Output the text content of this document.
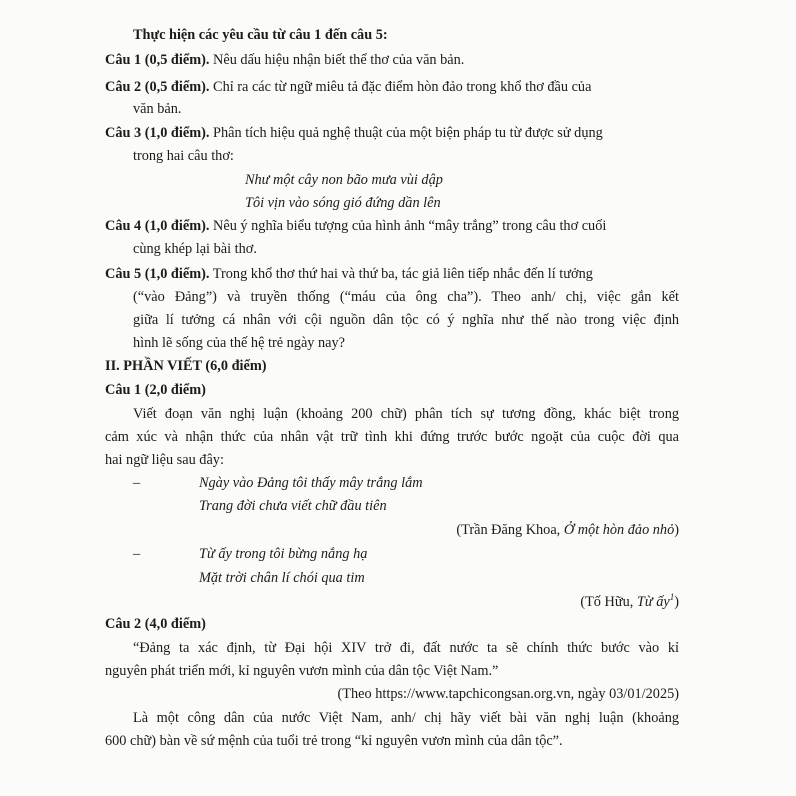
Thực hiện các yêu cầu từ câu 1 đến câu 5:
Câu 1 (0,5 điểm). Nêu dấu hiệu nhận biết thể thơ của văn bản.
Câu 2 (0,5 điểm). Chỉ ra các từ ngữ miêu tả đặc điểm hòn đảo trong khổ thơ đầu của
văn bản.
Câu 3 (1,0 điểm). Phân tích hiệu quả nghệ thuật của một biện pháp tu từ được sử dụng
trong hai câu thơ:
Như một cây non bão mưa vùi dập
Tôi vịn vào sóng gió đứng dần lên
Câu 4 (1,0 điểm). Nêu ý nghĩa biểu tượng của hình ảnh “mây trắng” trong câu thơ cuối
cùng khép lại bài thơ.
Câu 5 (1,0 điểm). Trong khổ thơ thứ hai và thứ ba, tác giả liên tiếp nhắc đến lí tưởng
(“vào Đảng”) và truyền thống (“máu của ông cha”). Theo anh/ chị, việc gắn kết
giữa lí tưởng cá nhân với cội nguồn dân tộc có ý nghĩa như thế nào trong việc định
hình lẽ sống của thế hệ trẻ ngày nay?
II. PHẦN VIẾT (6,0 điểm)
Câu 1 (2,0 điểm)
Viết đoạn văn nghị luận (khoảng 200 chữ) phân tích sự tương đồng, khác biệt trong
cảm xúc và nhận thức của nhân vật trữ tình khi đứng trước bước ngoặt của cuộc đời qua
hai ngữ liệu sau đây:
–	Ngày vào Đảng tôi thấy mây trắng lắm
Trang đời chưa viết chữ đầu tiên
(Trần Đăng Khoa, Ở một hòn đảo nhỏ)
–	Từ ấy trong tôi bừng nắng hạ
Mặt trời chân lí chói qua tim
(Tố Hữu, Từ ấy$^1$)
Câu 2 (4,0 điểm)
“Đảng ta xác định, từ Đại hội XIV trở đi, đất nước ta sẽ chính thức bước vào kỉ
nguyên phát triển mới, kỉ nguyên vươn mình của dân tộc Việt Nam.”
(Theo https://www.tapchicongsan.org.vn, ngày 03/01/2025)
Là một công dân của nước Việt Nam, anh/ chị hãy viết bài văn nghị luận (khoảng
600 chữ) bàn về sứ mệnh của tuổi trẻ trong “kỉ nguyên vươn mình của dân tộc”.
